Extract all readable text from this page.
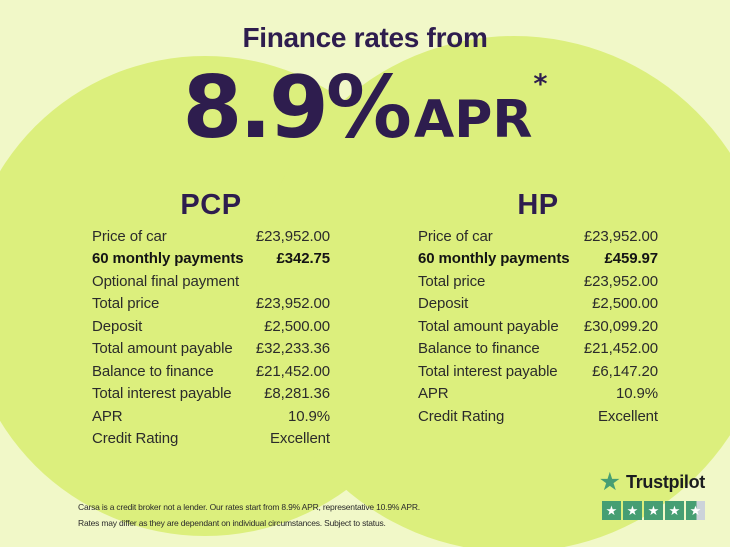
Finance rates from
8.9%APR*
PCP
Price of car	£23,952.00
60 monthly payments £342.75
Optional final payment
Total price	£23,952.00
Deposit	£2,500.00
Total amount payable £32,233.36
Balance to finance	£21,452.00
Total interest payable £8,281.36
APR	10.9%
Credit Rating	Excellent
HP
Price of car	£23,952.00
60 monthly payments £459.97
Total price	£23,952.00
Deposit	£2,500.00
Total amount payable £30,099.20
Balance to finance	£21,452.00
Total interest payable £6,147.20
APR	10.9%
Credit Rating	Excellent
Carsa is a credit broker not a lender. Our rates start from 8.9% APR, representative 10.9% APR.
Rates may differ as they are dependant on individual circumstances. Subject to status.
★ Trustpilot
★ ★ ★ ★ ★
